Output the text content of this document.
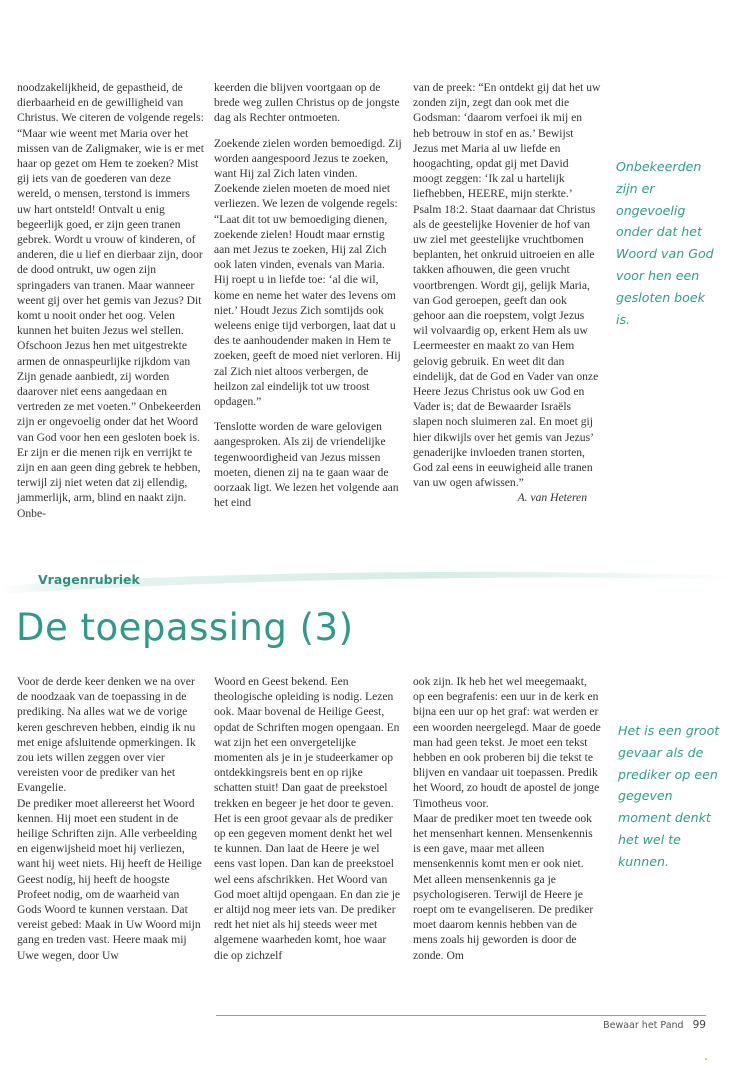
noodzakelijkheid, de gepastheid, de dierbaarheid en de gewilligheid van Christus. We citeren de volgende regels: “Maar wie weent met Maria over het missen van de Zaligmaker, wie is er met haar op gezet om Hem te zoeken? Mist gij iets van de goederen van deze wereld, o mensen, terstond is immers uw hart ontsteld! Ontvalt u enig begeerlijk goed, er zijn geen tranen gebrek. Wordt u vrouw of kinderen, of anderen, die u lief en dierbaar zijn, door de dood ontrukt, uw ogen zijn springaders van tranen. Maar wanneer weent gij over het gemis van Jezus? Dit komt u nooit onder het oog. Velen kunnen het buiten Jezus wel stellen. Ofschoon Jezus hen met uitgestrekte armen de onnaspeurlijke rijkdom van Zijn genade aanbiedt, zij worden daarover niet eens aangedaan en vertreden ze met voeten.” Onbekeerden zijn er ongevoelig onder dat het Woord van God voor hen een gesloten boek is. Er zijn er die menen rijk en verrijkt te zijn en aan geen ding gebrek te hebben, terwijl zij niet weten dat zij ellendig, jammerlijk, arm, blind en naakt zijn. Onbe-

keerden die blijven voortgaan op de brede weg zullen Christus op de jongste dag als Rechter ontmoeten.

Zoekende zielen worden bemoedigd. Zij worden aangespoord Jezus te zoeken, want Hij zal Zich laten vinden. Zoekende zielen moeten de moed niet verliezen. We lezen de volgende regels: “Laat dit tot uw bemoediging dienen, zoekende zielen! Houdt maar ernstig aan met Jezus te zoeken, Hij zal Zich ook laten vinden, evenals van Maria. Hij roept u in liefde toe: ‘al die wil, kome en neme het water des levens om niet.’ Houdt Jezus Zich somtijds ook weleens enige tijd verborgen, laat dat u des te aanhoudender maken in Hem te zoeken, geeft de moed niet verloren. Hij zal Zich niet altoos verbergen, de heilzon zal eindelijk tot uw troost opdagen.”

Tenslotte worden de ware gelovigen aangesproken. Als zij de vriendelijke tegenwoordigheid van Jezus missen moeten, dienen zij na te gaan waar de oorzaak ligt. We lezen het volgende aan het eind

van de preek: “En ontdekt gij dat het uw zonden zijn, zegt dan ook met die Godsman: ‘daarom verfoei ik mij en heb betrouw in stof en as.’ Bewijst Jezus met Maria al uw liefde en hoogachting, opdat gij met David moogt zeggen: ‘Ik zal u hartelijk liefhebben, HEERE, mijn sterkte.’ Psalm 18:2. Staat daarnaar dat Christus als de geestelijke Hovenier de hof van uw ziel met geestelijke vruchtbomen beplanten, het onkruid uitroeien en alle takken afhouwen, die geen vrucht voortbrengen. Wordt gij, gelijk Maria, van God geroepen, geeft dan ook gehoor aan die roepstem, volgt Jezus wil volvaardig op, erkent Hem als uw Leermeester en maakt zo van Hem gelovig gebruik. En weet dit dan eindelijk, dat de God en Vader van onze Heere Jezus Christus ook uw God en Vader is; dat de Bewaarder Israëls slapen noch sluimeren zal. En moet gij hier dikwijls over het gemis van Jezus’ genaderijke invloeden tranen storten, God zal eens in eeuwigheid alle tranen van uw ogen afwissen.”

A. van Heteren

Onbekeerden zijn er ongevoelig onder dat het Woord van God voor hen een gesloten boek is.
Vragenrubriek
De toepassing (3)

Voor de derde keer denken we na over de noodzaak van de toepassing in de prediking. Na alles wat we de vorige keren geschreven hebben, eindig ik nu met enige afsluitende opmerkingen. Ik zou iets willen zeggen over vier vereisten voor de prediker van het Evangelie.

De prediker moet allereerst het Woord kennen. Hij moet een student in de heilige Schriften zijn. Alle verbeelding en eigenwijsheid moet hij verliezen, want hij weet niets. Hij heeft de Heilige Geest nodig, hij heeft de hoogste Profeet nodig, om de waarheid van Gods Woord te kunnen verstaan. Dat vereist gebed: Maak in Uw Woord mijn gang en treden vast. Heere maak mij Uwe wegen, door Uw

Woord en Geest bekend. Een theologische opleiding is nodig. Lezen ook. Maar bovenal de Heilige Geest, opdat de Schriften mogen opengaan. En wat zijn het een onvergetelijke momenten als je in je studeerkamer op ontdekkingsreis bent en op rijke schatten stuit! Dan gaat de preekstoel trekken en begeer je het door te geven.

Het is een groot gevaar als de prediker op een gegeven moment denkt het wel te kunnen. Dan laat de Heere je wel eens vast lopen. Dan kan de preekstoel wel eens afschrikken. Het Woord van God moet altijd opengaan. En dan zie je er altijd nog meer iets van. De prediker redt het niet als hij steeds weer met algemene waarheden komt, hoe waar die op zichzelf

ook zijn. Ik heb het wel meegemaakt, op een begrafenis: een uur in de kerk en bijna een uur op het graf: wat werden er een woorden neergelegd. Maar de goede man had geen tekst. Je moet een tekst hebben en ook proberen bij die tekst te blijven en vandaar uit toepassen. Predik het Woord, zo houdt de apostel de jonge Timotheus voor.

Maar de prediker moet ten tweede ook het mensenhart kennen. Mensenkennis is een gave, maar met alleen mensenkennis komt men er ook niet. Met alleen mensenkennis ga je psychologiseren. Terwijl de Heere je roept om te evangeliseren. De prediker moet daarom kennis hebben van de mens zoals hij geworden is door de zonde. Om

Het is een groot gevaar als de prediker op een gegeven moment denkt het wel te kunnen.
Bewaar het Pand 99
